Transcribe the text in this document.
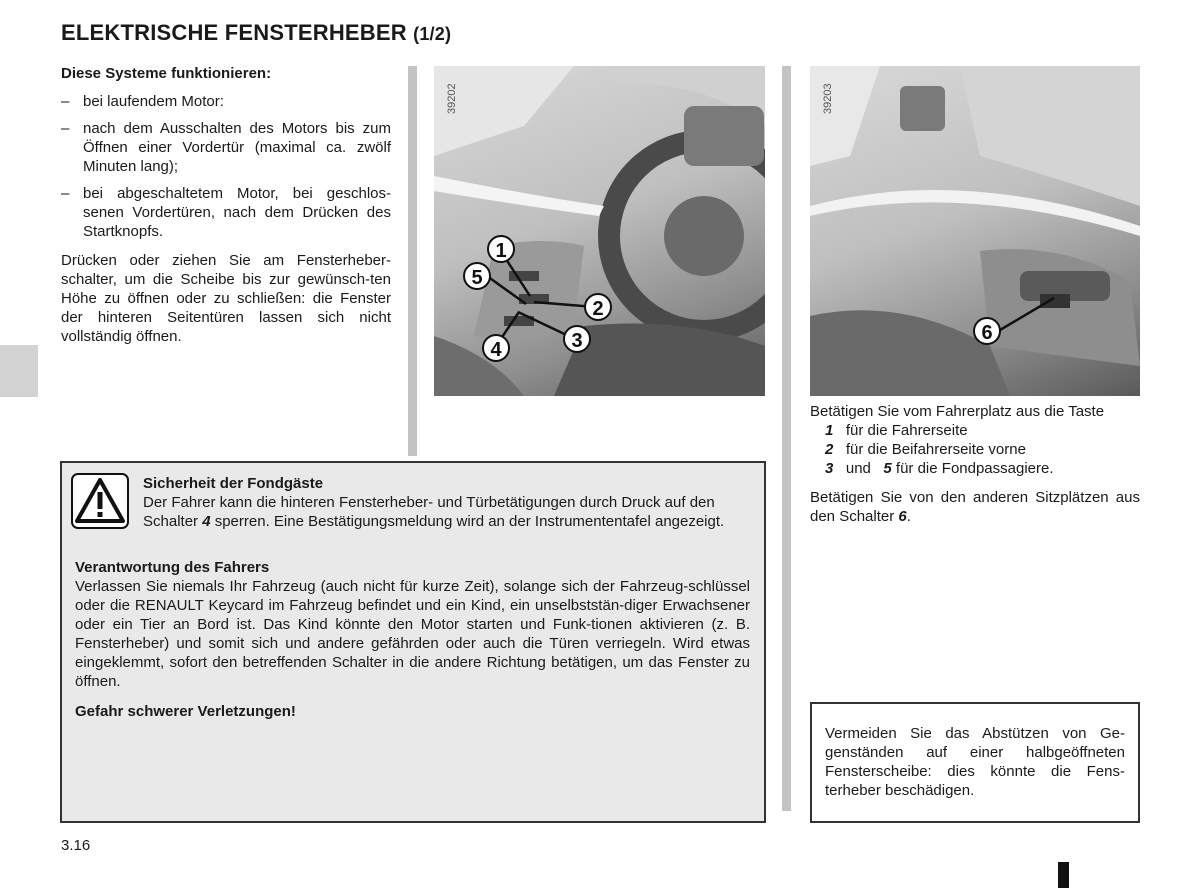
ELEKTRISCHE FENSTERHEBER (1/2)
Diese Systeme funktionieren:
– bei laufendem Motor:
– nach dem Ausschalten des Motors bis zum Öffnen einer Vordertür (maximal ca. zwölf Minuten lang);
– bei abgeschaltetem Motor, bei geschlos-senen Vordertüren, nach dem Drücken des Startknopfs.
Drücken oder ziehen Sie am Fensterheber-schalter, um die Scheibe bis zur gewünsch-ten Höhe zu öffnen oder zu schließen: die Fenster der hinteren Seitentüren lassen sich nicht vollständig öffnen.
1
5
2
3
4
39202
6
39203
Betätigen Sie vom Fahrerplatz aus die Taste
1 für die Fahrerseite
2 für die Beifahrerseite vorne
3 und 5 für die Fondpassagiere.
Betätigen Sie von den anderen Sitzplätzen aus den Schalter 6.
Sicherheit der Fondgäste
Der Fahrer kann die hinteren Fensterheber- und Türbetätigungen durch Druck auf den Schalter 4 sperren. Eine Bestätigungsmeldung wird an der Instrumententafel angezeigt.
Verantwortung des Fahrers
Verlassen Sie niemals Ihr Fahrzeug (auch nicht für kurze Zeit), solange sich der Fahrzeug-schlüssel oder die RENAULT Keycard im Fahrzeug befindet und ein Kind, ein unselbststän-diger Erwachsener oder ein Tier an Bord ist. Das Kind könnte den Motor starten und Funk-tionen aktivieren (z. B. Fensterheber) und somit sich und andere gefährden oder auch die Türen verriegeln. Wird etwas eingeklemmt, sofort den betreffenden Schalter in die andere Richtung betätigen, um das Fenster zu öffnen.
Gefahr schwerer Verletzungen!
Vermeiden Sie das Abstützen von Ge-genständen auf einer halbgeöffneten Fensterscheibe: dies könnte die Fens-terheber beschädigen.
3.16
